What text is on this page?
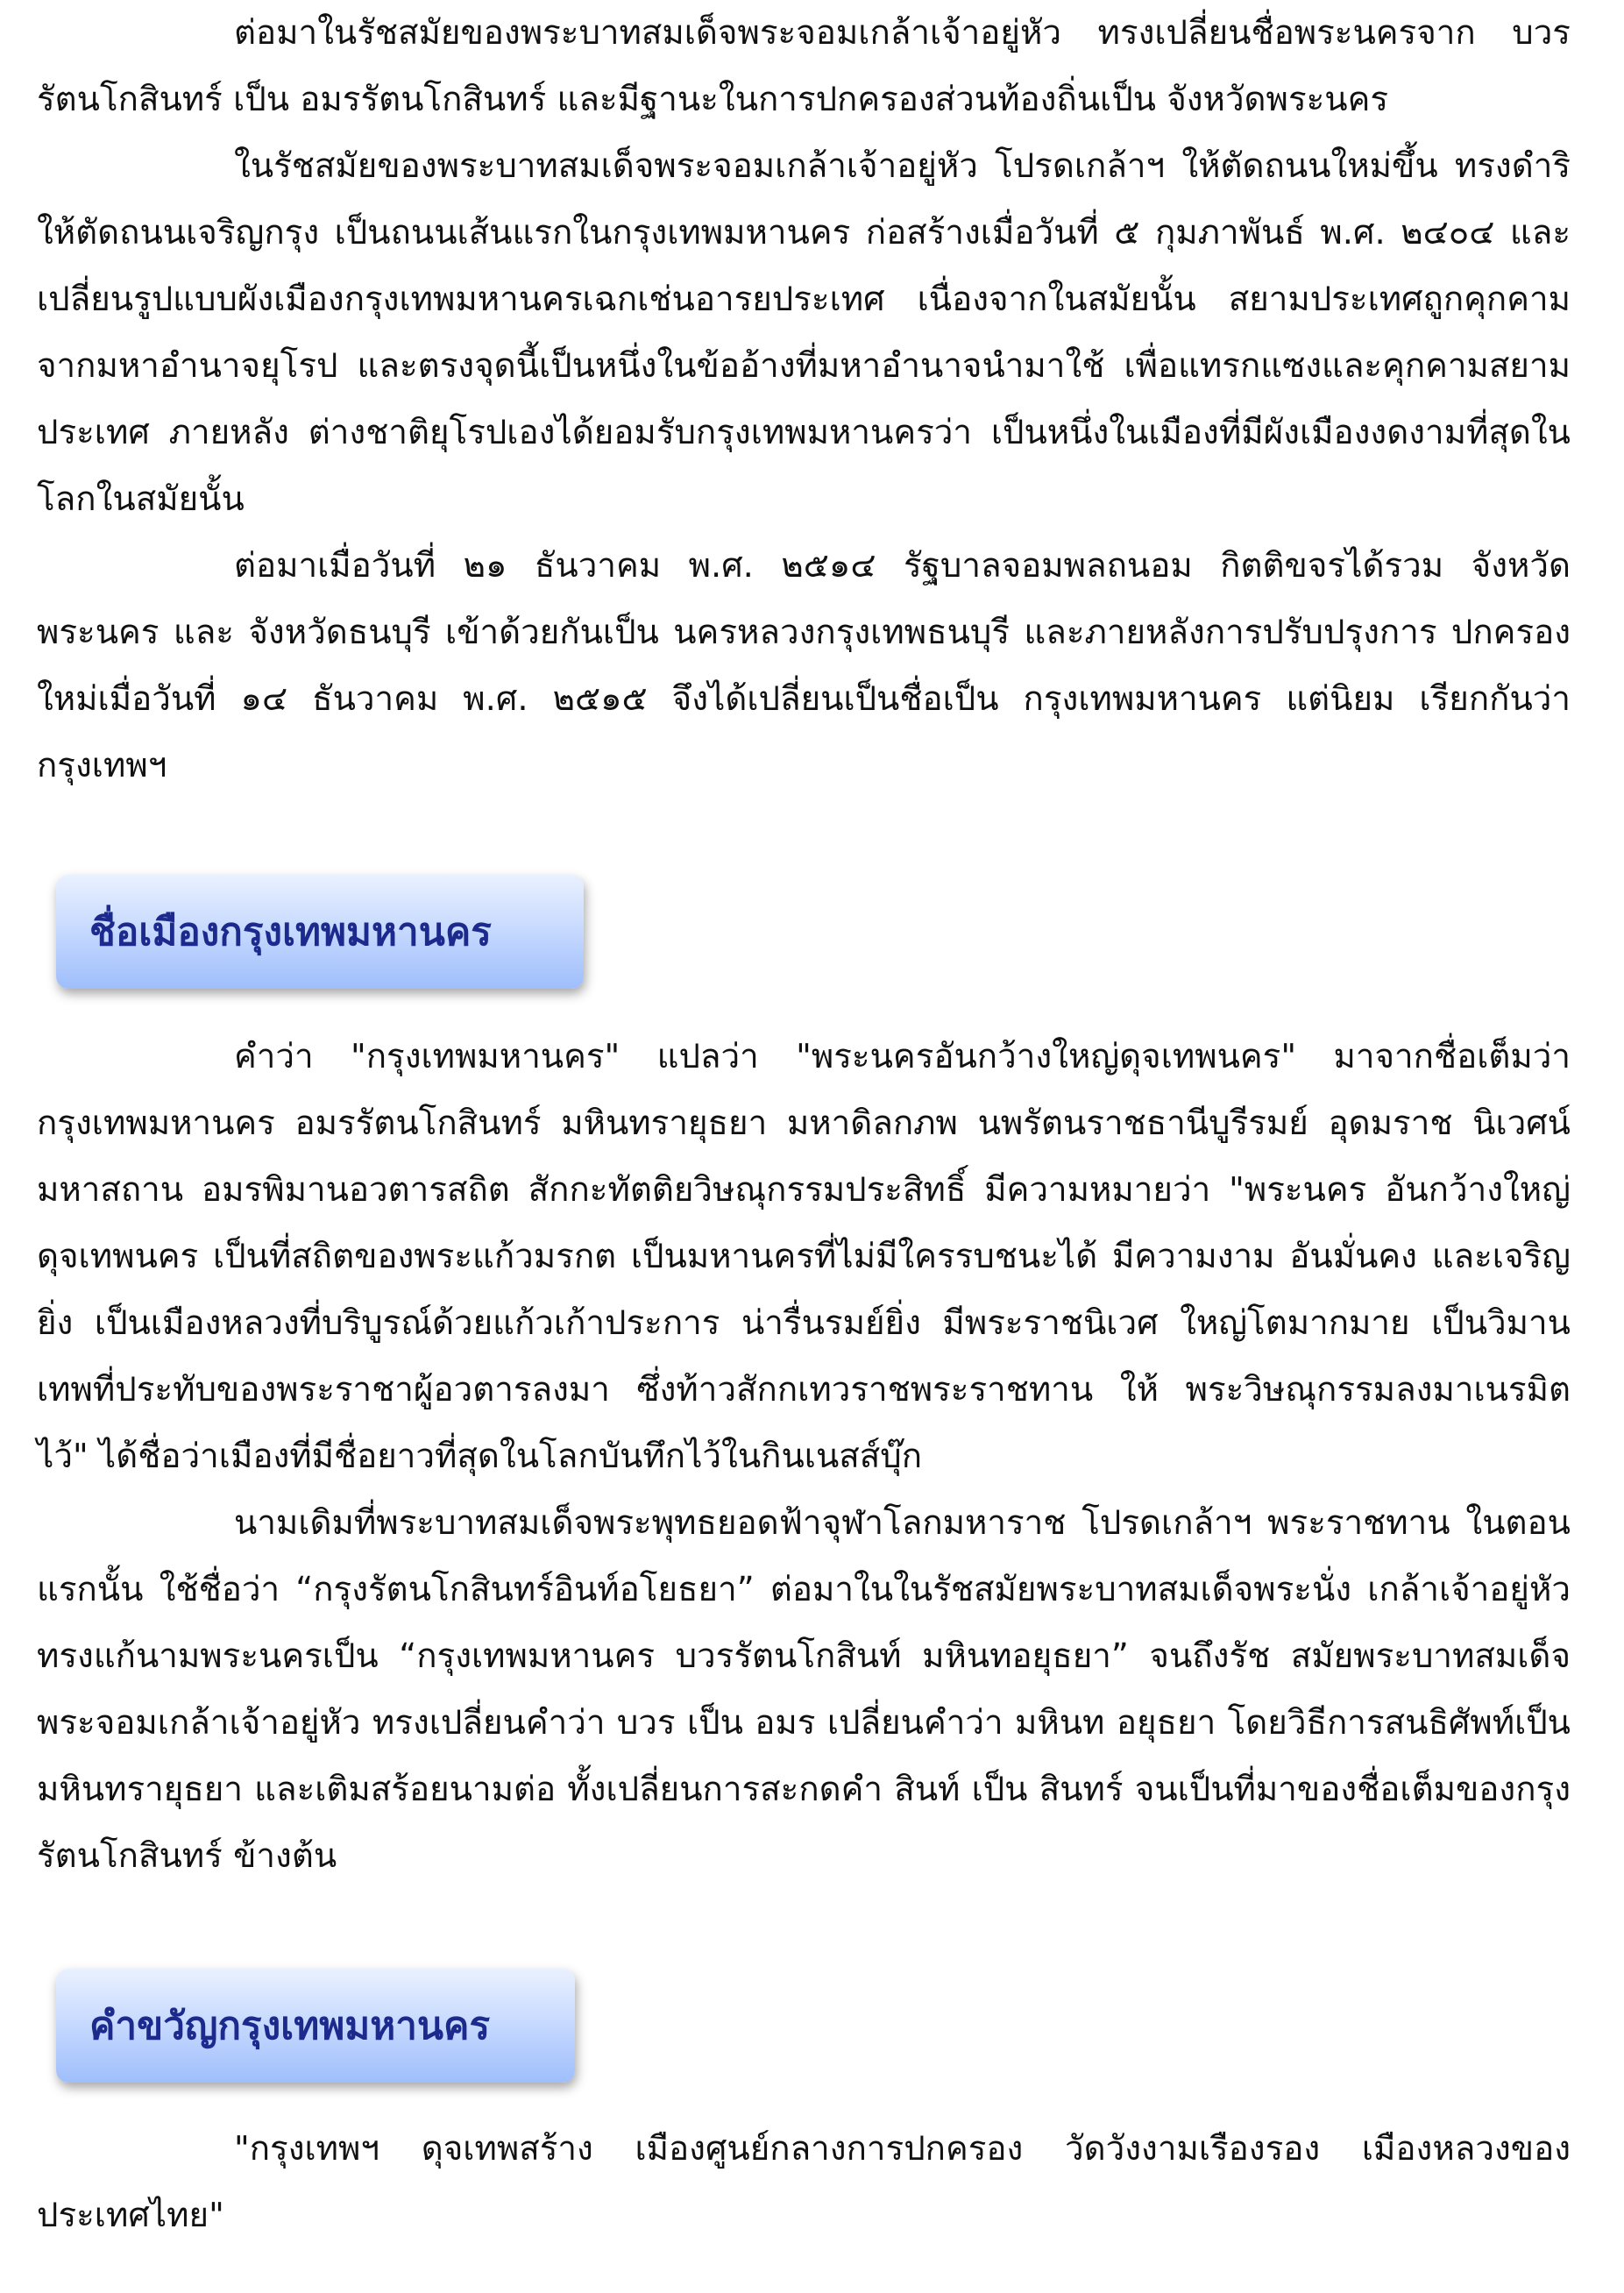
ต่อมาในรัชสมัยของพระบาทสมเด็จพระจอมเกล้าเจ้าอยู่หัว ทรงเปลี่ยนชื่อพระนครจาก บวรรัตนโกสินทร์ เป็น อมรรัตนโกสินทร์ และมีฐานะในการปกครองส่วนท้องถิ่นเป็น จังหวัดพระนคร

ในรัชสมัยของพระบาทสมเด็จพระจอมเกล้าเจ้าอยู่หัว โปรดเกล้าฯ ให้ตัดถนนใหม่ขึ้น ทรงดำริให้ตัดถนนเจริญกรุง เป็นถนนเส้นแรกในกรุงเทพมหานคร ก่อสร้างเมื่อวันที่ ๕ กุมภาพันธ์ พ.ศ. ๒๔๐๔ และเปลี่ยนรูปแบบผังเมืองกรุงเทพมหานครเฉกเช่นอารยประเทศ เนื่องจากในสมัยนั้น สยามประเทศถูกคุกคามจากมหาอำนาจยุโรป และตรงจุดนี้เป็นหนึ่งในข้ออ้างที่มหาอำนาจนำมาใช้ เพื่อแทรกแซงและคุกคามสยามประเทศ ภายหลัง ต่างชาติยุโรปเองได้ยอมรับกรุงเทพมหานครว่า เป็นหนึ่งในเมืองที่มีผังเมืองงดงามที่สุดในโลกในสมัยนั้น

ต่อมาเมื่อวันที่ ๒๑ ธันวาคม พ.ศ. ๒๕๑๔ รัฐบาลจอมพลถนอม กิตติขจรได้รวม จังหวัด พระนคร และ จังหวัดธนบุรี เข้าด้วยกันเป็น นครหลวงกรุงเทพธนบุรี และภายหลังการปรับปรุงการ ปกครองใหม่เมื่อวันที่ ๑๔ ธันวาคม พ.ศ. ๒๕๑๕ จึงได้เปลี่ยนเป็นชื่อเป็น กรุงเทพมหานคร แต่นิยม เรียกกันว่า กรุงเทพฯ

ชื่อเมืองกรุงเทพมหานคร

คำว่า "กรุงเทพมหานคร" แปลว่า "พระนครอันกว้างใหญ่ดุจเทพนคร" มาจากชื่อเต็มว่า กรุงเทพมหานคร อมรรัตนโกสินทร์ มหินทรายุธยา มหาดิลกภพ นพรัตนราชธานีบูรีรมย์ อุดมราช นิเวศน์มหาสถาน อมรพิมานอวตารสถิต สักกะทัตติยวิษณุกรรมประสิทธิ์ มีความหมายว่า "พระนคร อันกว้างใหญ่ ดุจเทพนคร เป็นที่สถิตของพระแก้วมรกต เป็นมหานครที่ไม่มีใครรบชนะได้ มีความงาม อันมั่นคง และเจริญยิ่ง เป็นเมืองหลวงที่บริบูรณ์ด้วยแก้วเก้าประการ น่ารื่นรมย์ยิ่ง มีพระราชนิเวศ ใหญ่โตมากมาย เป็นวิมานเทพที่ประทับของพระราชาผู้อวตารลงมา ซึ่งท้าวสักกเทวราชพระราชทาน ให้ พระวิษณุกรรมลงมาเนรมิตไว้" ได้ชื่อว่าเมืองที่มีชื่อยาวที่สุดในโลกบันทึกไว้ในกินเนสส์บุ๊ก

นามเดิมที่พระบาทสมเด็จพระพุทธยอดฟ้าจุฬาโลกมหาราช โปรดเกล้าฯ พระราชทาน ในตอนแรกนั้น ใช้ชื่อว่า “กรุงรัตนโกสินทร์อินท์อโยธยา” ต่อมาในในรัชสมัยพระบาทสมเด็จพระนั่ง เกล้าเจ้าอยู่หัว ทรงแก้นามพระนครเป็น “กรุงเทพมหานคร บวรรัตนโกสินท์ มหินทอยุธยา” จนถึงรัช สมัยพระบาทสมเด็จพระจอมเกล้าเจ้าอยู่หัว ทรงเปลี่ยนคำว่า บวร เป็น อมร เปลี่ยนคำว่า มหินท อยุธยา โดยวิธีการสนธิศัพท์เป็น มหินทรายุธยา และเติมสร้อยนามต่อ ทั้งเปลี่ยนการสะกดคำ สินท์ เป็น สินทร์ จนเป็นที่มาของชื่อเต็มของกรุงรัตนโกสินทร์ ข้างต้น

คำขวัญกรุงเทพมหานคร

"กรุงเทพฯ ดุจเทพสร้าง เมืองศูนย์กลางการปกครอง วัดวังงามเรืองรอง เมืองหลวงของ ประเทศไทย"
